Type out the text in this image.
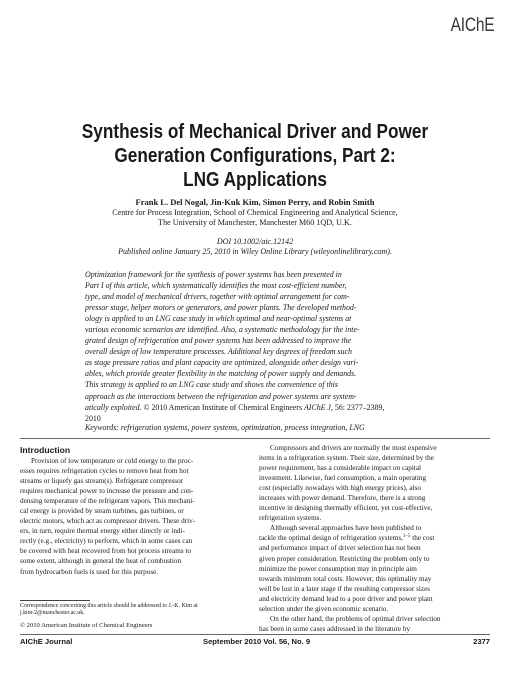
AIChE
Synthesis of Mechanical Driver and Power
Generation Configurations, Part 2:
LNG Applications
Frank L. Del Nogal, Jin-Kuk Kim, Simon Perry, and Robin Smith
Centre for Process Integration, School of Chemical Engineering and Analytical Science,
The University of Manchester, Manchester M60 1QD, U.K.
DOI 10.1002/aic.12142
Published online January 25, 2010 in Wiley Online Library (wileyonlinelibrary.com).
Optimization framework for the synthesis of power systems has been presented in
Part I of this article, which systematically identifies the most cost-efficient number,
type, and model of mechanical drivers, together with optimal arrangement for com-
pressor stage, helper motors or generators, and power plants. The developed method-
ology is applied to an LNG case study in which optimal and near-optimal systems at
various economic scenarios are identified. Also, a systematic methodology for the inte-
grated design of refrigeration and power systems has been addressed to improve the
overall design of low temperature processes. Additional key degrees of freedom such
as stage pressure ratios and plant capacity are optimized, alongside other design vari-
ables, which provide greater flexibility in the matching of power supply and demands.
This strategy is applied to an LNG case study and shows the convenience of this
approach as the interactions between the refrigeration and power systems are system-
atically exploited. © 2010 American Institute of Chemical Engineers AIChE J, 56: 2377–2389,
2010
Keywords: refrigeration systems, power systems, optimization, process integration, LNG
Introduction
Provision of low temperature or cold energy to the proc-
esses requires refrigeration cycles to remove heat from hot
streams or liquefy gas stream(s). Refrigerant compressor
requires mechanical power to increase the pressure and con-
densing temperature of the refrigerant vapors. This mechani-
cal energy is provided by steam turbines, gas turbines, or
electric motors, which act as compressor drivers. These driv-
ers, in turn, require thermal energy either directly or indi-
rectly (e.g., electricity) to perform, which in some cases can
be covered with heat recovered from hot process streams to
some extent, although in general the heat of combustion
from hydrocarbon fuels is used for this purpose.
Compressors and drivers are normally the most expensive
items in a refrigeration system. Their size, determined by the
power requirement, has a considerable impact on capital
investment. Likewise, fuel consumption, a main operating
cost (especially nowadays with high energy prices), also
increases with power demand. Therefore, there is a strong
incentive in designing thermally efficient, yet cost-effective,
refrigeration systems.
Although several approaches have been published to
tackle the optimal design of refrigeration systems,$^{1-5}$ the cost
and performance impact of driver selection has not been
given proper consideration. Restricting the problem only to
minimize the power consumption may in principle aim
towards minimum total costs. However, this optimality may
well be lost in a later stage if the resulting compressor sizes
and electricity demand lead to a poor driver and power plant
selection under the given economic scenario.
On the other hand, the problems of optimal driver selection
has been in some cases addressed in the literature by
Correspondence concerning this article should be addressed to J.-K. Kim at
j.kim-2@manchester.ac.uk.
© 2010 American Institute of Chemical Engineers
AIChE Journal	September 2010 Vol. 56, No. 9	2377
